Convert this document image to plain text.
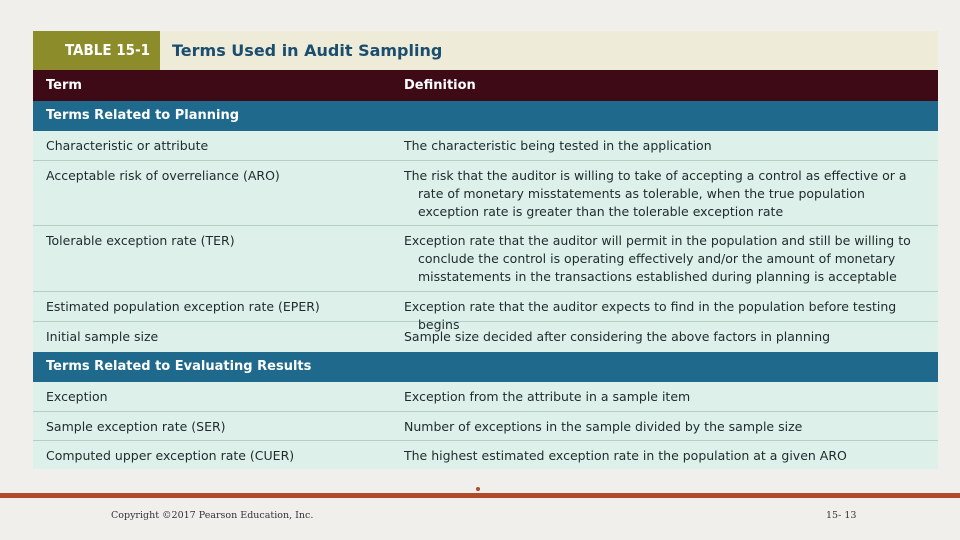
TABLE 15-1	Terms Used in Audit Sampling
Term	Definition
Terms Related to Planning
Characteristic or attribute	The characteristic being tested in the application
Acceptable risk of overreliance (ARO)	The risk that the auditor is willing to take of accepting a control as effective or a rate of monetary misstatements as tolerable, when the true population exception rate is greater than the tolerable exception rate
Tolerable exception rate (TER)	Exception rate that the auditor will permit in the population and still be willing to conclude the control is operating effectively and/or the amount of monetary misstatements in the transactions established during planning is acceptable
Estimated population exception rate (EPER)	Exception rate that the auditor expects to find in the population before testing begins
Initial sample size	Sample size decided after considering the above factors in planning
Terms Related to Evaluating Results
Exception	Exception from the attribute in a sample item
Sample exception rate (SER)	Number of exceptions in the sample divided by the sample size
Computed upper exception rate (CUER)	The highest estimated exception rate in the population at a given ARO
Copyright ©2017 Pearson Education, Inc.	15- 13
